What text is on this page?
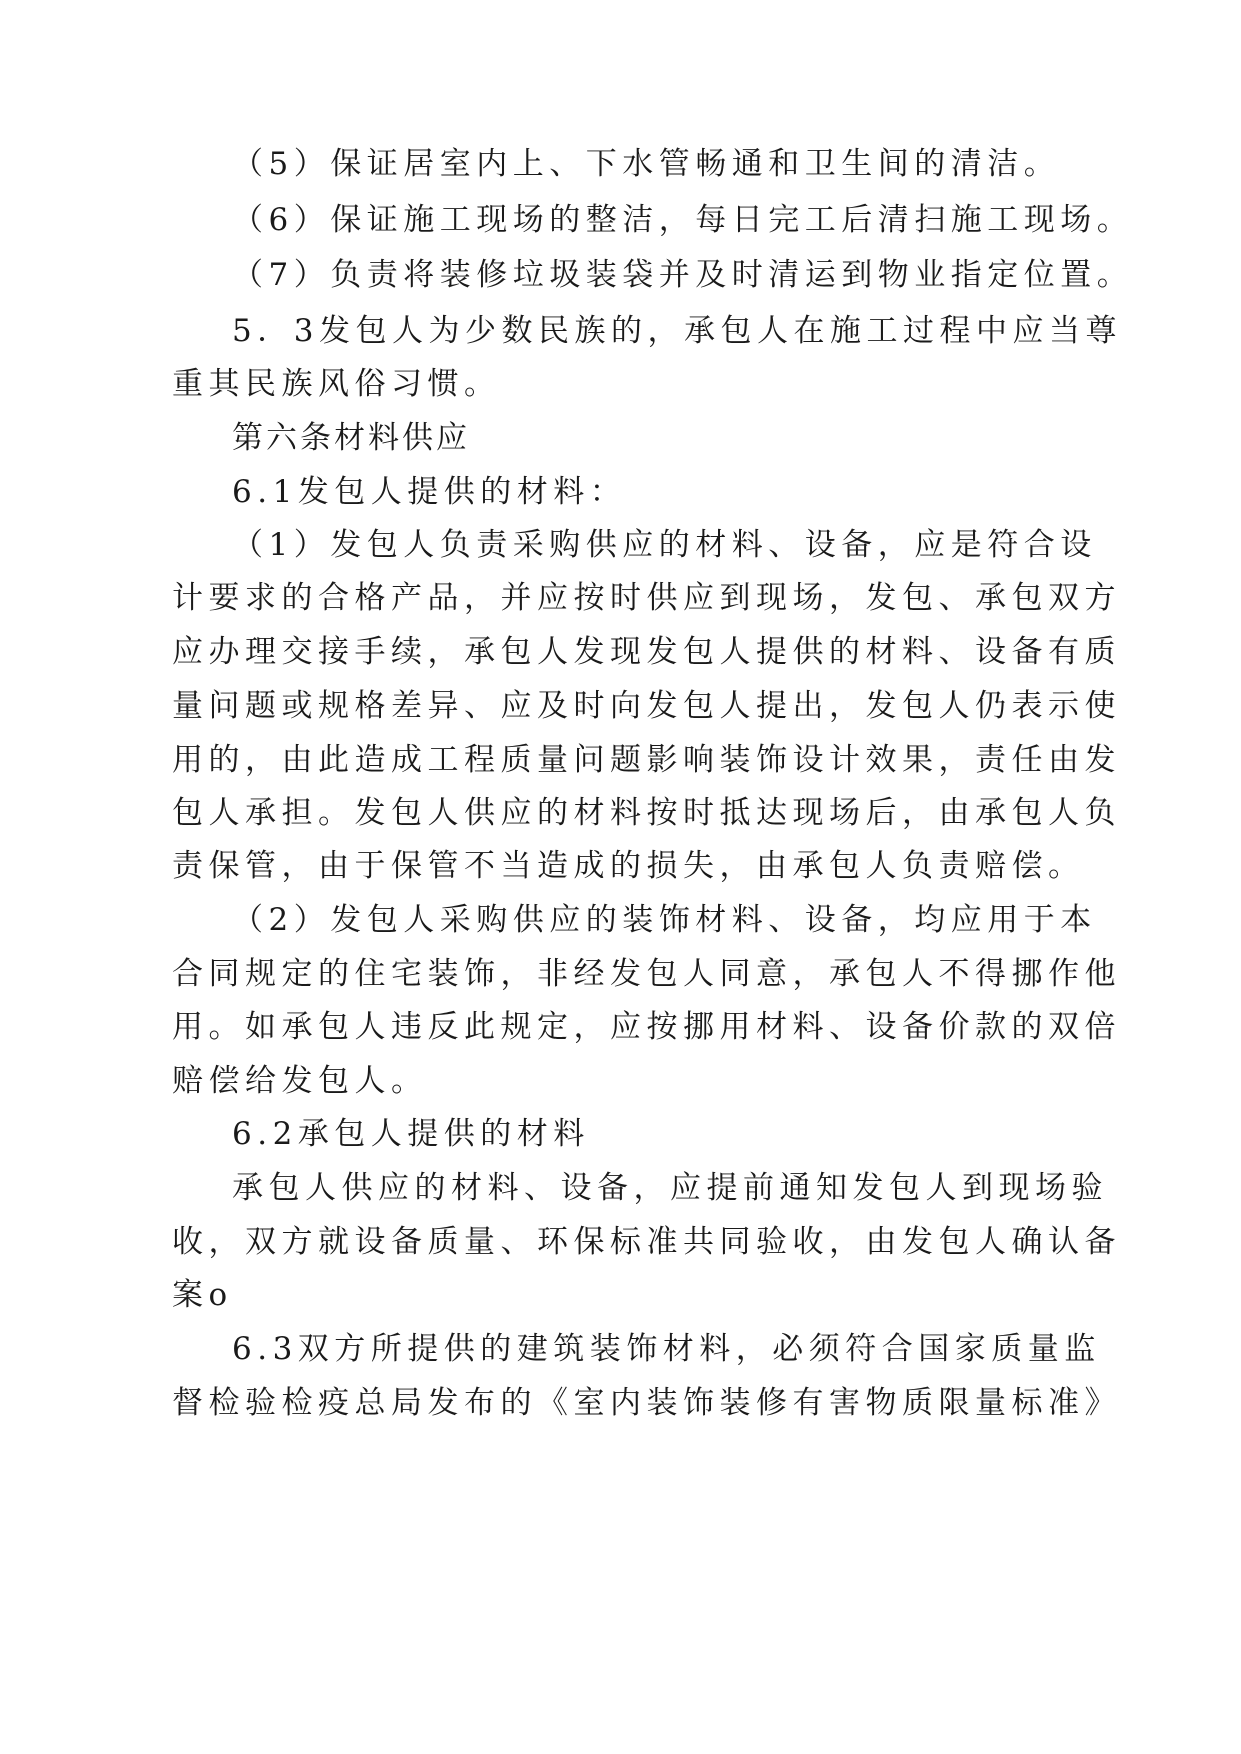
（5）保证居室内上、下水管畅通和卫生间的清洁。
（6）保证施工现场的整洁，每日完工后清扫施工现场。
（7）负责将装修垃圾装袋并及时清运到物业指定位置。
5．3发包人为少数民族的，承包人在施工过程中应当尊
重其民族风俗习惯。
第六条材料供应
6.1发包人提供的材料：
（1）发包人负责采购供应的材料、设备，应是符合设
计要求的合格产品，并应按时供应到现场，发包、承包双方
应办理交接手续，承包人发现发包人提供的材料、设备有质
量问题或规格差异、应及时向发包人提出，发包人仍表示使
用的，由此造成工程质量问题影响装饰设计效果，责任由发
包人承担。发包人供应的材料按时抵达现场后，由承包人负
责保管，由于保管不当造成的损失，由承包人负责赔偿。
（2）发包人采购供应的装饰材料、设备，均应用于本
合同规定的住宅装饰，非经发包人同意，承包人不得挪作他
用。如承包人违反此规定，应按挪用材料、设备价款的双倍
赔偿给发包人。
6.2承包人提供的材料
承包人供应的材料、设备，应提前通知发包人到现场验
收，双方就设备质量、环保标准共同验收，由发包人确认备
案o
6.3双方所提供的建筑装饰材料，必须符合国家质量监
督检验检疫总局发布的《室内装饰装修有害物质限量标准》
